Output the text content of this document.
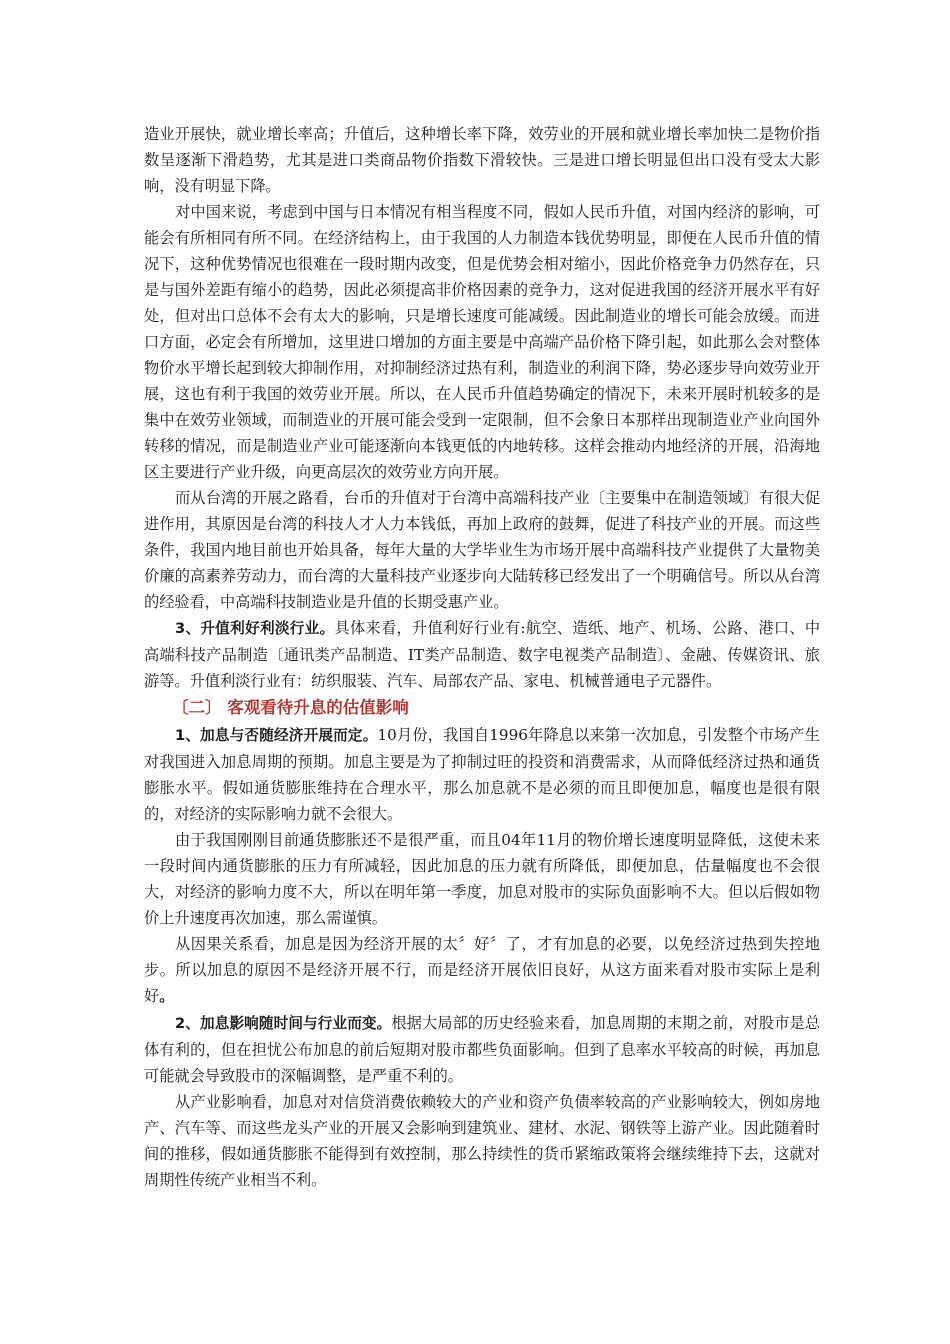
造业开展快，就业增长率高；升值后，这种增长率下降，效劳业的开展和就业增长率加快二是物价指数呈逐渐下滑趋势，尤其是进口类商品物价指数下滑较快。三是进口增长明显但出口没有受太大影响，没有明显下降。

对中国来说，考虑到中国与日本情况有相当程度不同，假如人民币升值，对国内经济的影响，可能会有所相同有所不同。在经济结构上，由于我国的人力制造本钱优势明显，即便在人民币升值的情况下，这种优势情况也很难在一段时期内改变，但是优势会相对缩小，因此价格竞争力仍然存在，只是与国外差距有缩小的趋势，因此必须提高非价格因素的竞争力，这对促进我国的经济开展水平有好处，但对出口总体不会有太大的影响，只是增长速度可能减缓。因此制造业的增长可能会放缓。而进口方面，必定会有所增加，这里进口增加的方面主要是中高端产品价格下降引起，如此那么会对整体物价水平增长起到较大抑制作用，对抑制经济过热有利，制造业的利润下降，势必逐步导向效劳业开展，这也有利于我国的效劳业开展。所以，在人民币升值趋势确定的情况下，未来开展时机较多的是集中在效劳业领域，而制造业的开展可能会受到一定限制，但不会象日本那样出现制造业产业向国外转移的情况，而是制造业产业可能逐渐向本钱更低的内地转移。这样会推动内地经济的开展，沿海地区主要进行产业升级，向更高层次的效劳业方向开展。

而从台湾的开展之路看，台币的升值对于台湾中高端科技产业〔主要集中在制造领域〕有很大促进作用，其原因是台湾的科技人才人力本钱低，再加上政府的鼓舞，促进了科技产业的开展。而这些条件，我国内地目前也开始具备，每年大量的大学毕业生为市场开展中高端科技产业提供了大量物美价廉的高素养劳动力，而台湾的大量科技产业逐步向大陆转移已经发出了一个明确信号。所以从台湾的经验看，中高端科技制造业是升值的长期受惠产业。

3、升值利好利淡行业。具体来看，升值利好行业有:航空、造纸、地产、机场、公路、港口、中高端科技产品制造〔通讯类产品制造、IT类产品制造、数字电视类产品制造〕、金融、传媒资讯、旅游等。升值利淡行业有：纺织服装、汽车、局部农产品、家电、机械普通电子元器件。

〔二〕 客观看待升息的估值影响

1、加息与否随经济开展而定。10月份，我国自1996年降息以来第一次加息，引发整个市场产生对我国进入加息周期的预期。加息主要是为了抑制过旺的投资和消费需求，从而降低经济过热和通货膨胀水平。假如通货膨胀维持在合理水平，那么加息就不是必须的而且即便加息，幅度也是很有限的，对经济的实际影响力就不会很大。

由于我国刚刚目前通货膨胀还不是很严重，而且04年11月的物价增长速度明显降低，这使未来一段时间内通货膨胀的压力有所减轻，因此加息的压力就有所降低，即便加息，估量幅度也不会很大，对经济的影响力度不大，所以在明年第一季度，加息对股市的实际负面影响不大。但以后假如物价上升速度再次加速，那么需谨慎。

从因果关系看，加息是因为经济开展的太〞好〞了，才有加息的必要，以免经济过热到失控地步。所以加息的原因不是经济开展不行，而是经济开展依旧良好，从这方面来看对股市实际上是利好。

2、加息影响随时间与行业而变。根据大局部的历史经验来看，加息周期的末期之前，对股市是总体有利的，但在担忧公布加息的前后短期对股市都些负面影响。但到了息率水平较高的时候，再加息可能就会导致股市的深幅调整，是严重不利的。

从产业影响看，加息对对信贷消费依赖较大的产业和资产负债率较高的产业影响较大，例如房地产、汽车等、而这些龙头产业的开展又会影响到建筑业、建材、水泥、钢铁等上游产业。因此随着时间的推移，假如通货膨胀不能得到有效控制，那么持续性的货币紧缩政策将会继续维持下去，这就对周期性传统产业相当不利。
